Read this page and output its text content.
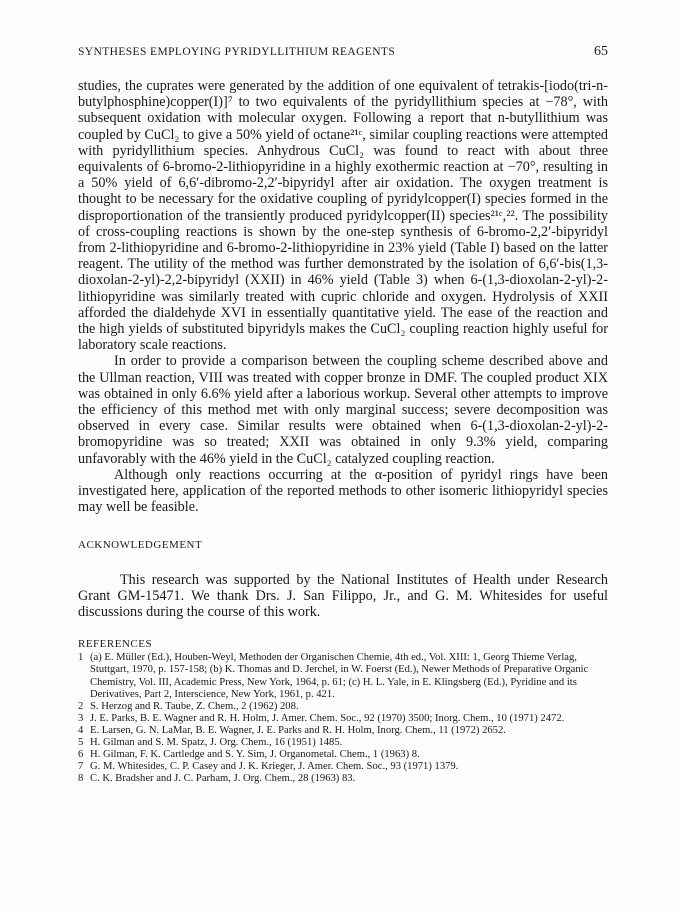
SYNTHESES EMPLOYING PYRIDYLLITHIUM REAGENTS	65

studies, the cuprates were generated by the addition of one equivalent of tetrakis-[iodo(tri-n-butylphosphine)copper(I)]⁷ to two equivalents of the pyridyllithium species at −78°, with subsequent oxidation with molecular oxygen. Following a report that n-butyllithium was coupled by CuCl₂ to give a 50% yield of octane²¹ᶜ, similar coupling reactions were attempted with pyridyllithium species. Anhydrous CuCl₂ was found to react with about three equivalents of 6-bromo-2-lithiopyridine in a highly exothermic reaction at −70°, resulting in a 50% yield of 6,6′-dibromo-2,2′-bipyridyl after air oxidation. The oxygen treatment is thought to be necessary for the oxidative coupling of pyridylcopper(I) species formed in the disproportionation of the transiently produced pyridylcopper(II) species²¹ᶜ,²². The possibility of cross-coupling reactions is shown by the one-step synthesis of 6-bromo-2,2′-bipyridyl from 2-lithiopyridine and 6-bromo-2-lithiopyridine in 23% yield (Table I) based on the latter reagent. The utility of the method was further demonstrated by the isolation of 6,6′-bis(1,3-dioxolan-2-yl)-2,2-bipyridyl (XXII) in 46% yield (Table 3) when 6-(1,3-dioxolan-2-yl)-2-lithiopyridine was similarly treated with cupric chloride and oxygen. Hydrolysis of XXII afforded the dialdehyde XVI in essentially quantitative yield. The ease of the reaction and the high yields of substituted bipyridyls makes the CuCl₂ coupling reaction highly useful for laboratory scale reactions.

In order to provide a comparison between the coupling scheme described above and the Ullman reaction, VIII was treated with copper bronze in DMF. The coupled product XIX was obtained in only 6.6% yield after a laborious workup. Several other attempts to improve the efficiency of this method met with only marginal success; severe decomposition was observed in every case. Similar results were obtained when 6-(1,3-dioxolan-2-yl)-2-bromopyridine was so treated; XXII was obtained in only 9.3% yield, comparing unfavorably with the 46% yield in the CuCl₂ catalyzed coupling reaction.

Although only reactions occurring at the α-position of pyridyl rings have been investigated here, application of the reported methods to other isomeric lithiopyridyl species may well be feasible.

ACKNOWLEDGEMENT

This research was supported by the National Institutes of Health under Research Grant GM-15471. We thank Drs. J. San Filippo, Jr., and G. M. Whitesides for useful discussions during the course of this work.

REFERENCES
1 (a) E. Müller (Ed.), Houben-Weyl, Methoden der Organischen Chemie, 4th ed., Vol. XIII: 1, Georg Thieme Verlag, Stuttgart, 1970, p. 157-158; (b) K. Thomas and D. Jerchel, in W. Foerst (Ed.), Newer Methods of Preparative Organic Chemistry, Vol. III, Academic Press, New York, 1964, p. 61; (c) H. L. Yale, in E. Klingsberg (Ed.), Pyridine and its Derivatives, Part 2, Interscience, New York, 1961, p. 421.
2 S. Herzog and R. Taube, Z. Chem., 2 (1962) 208.
3 J. E. Parks, B. E. Wagner and R. H. Holm, J. Amer. Chem. Soc., 92 (1970) 3500; Inorg. Chem., 10 (1971) 2472.
4 E. Larsen, G. N. LaMar, B. E. Wagner, J. E. Parks and R. H. Holm, Inorg. Chem., 11 (1972) 2652.
5 H. Gilman and S. M. Spatz, J. Org. Chem., 16 (1951) 1485.
6 H. Gilman, F. K. Cartledge and S. Y. Sim, J. Organometal. Chem., 1 (1963) 8.
7 G. M. Whitesides, C. P. Casey and J. K. Krieger, J. Amer. Chem. Soc., 93 (1971) 1379.
8 C. K. Bradsher and J. C. Parham, J. Org. Chem., 28 (1963) 83.
